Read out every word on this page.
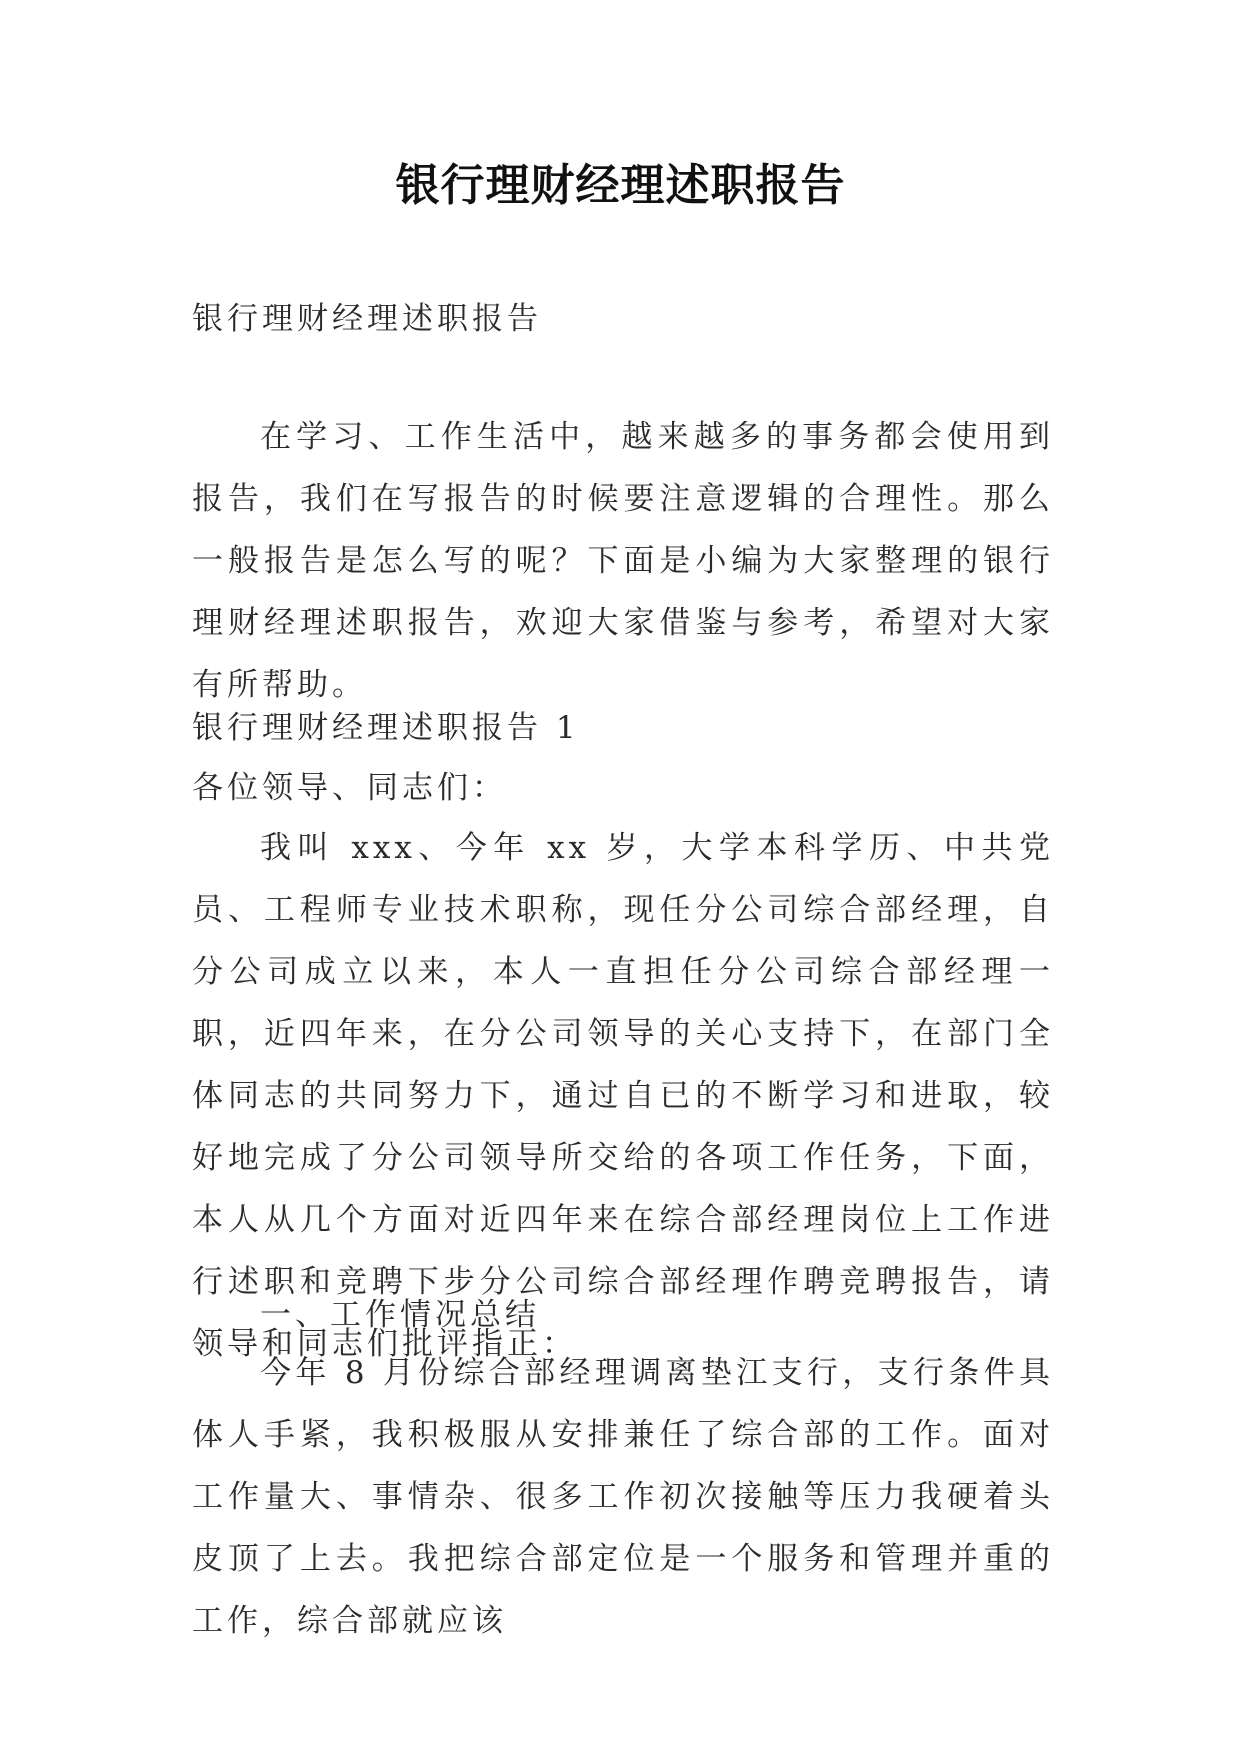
银行理财经理述职报告

银行理财经理述职报告

在学习、工作生活中，越来越多的事务都会使用到报告，我们在写报告的时候要注意逻辑的合理性。那么一般报告是怎么写的呢？下面是小编为大家整理的银行理财经理述职报告，欢迎大家借鉴与参考，希望对大家有所帮助。

银行理财经理述职报告 1

各位领导、同志们：

我叫 xxx、今年 xx 岁，大学本科学历、中共党员、工程师专业技术职称，现任分公司综合部经理，自分公司成立以来，本人一直担任分公司综合部经理一职，近四年来，在分公司领导的关心支持下，在部门全体同志的共同努力下，通过自已的不断学习和进取，较好地完成了分公司领导所交给的各项工作任务，下面，本人从几个方面对近四年来在综合部经理岗位上工作进行述职和竞聘下步分公司综合部经理作聘竞聘报告，请领导和同志们批评指正：

一、工作情况总结

今年 8 月份综合部经理调离垫江支行，支行条件具体人手紧，我积极服从安排兼任了综合部的工作。面对工作量大、事情杂、很多工作初次接触等压力我硬着头皮顶了上去。我把综合部定位是一个服务和管理并重的工作，综合部就应该
